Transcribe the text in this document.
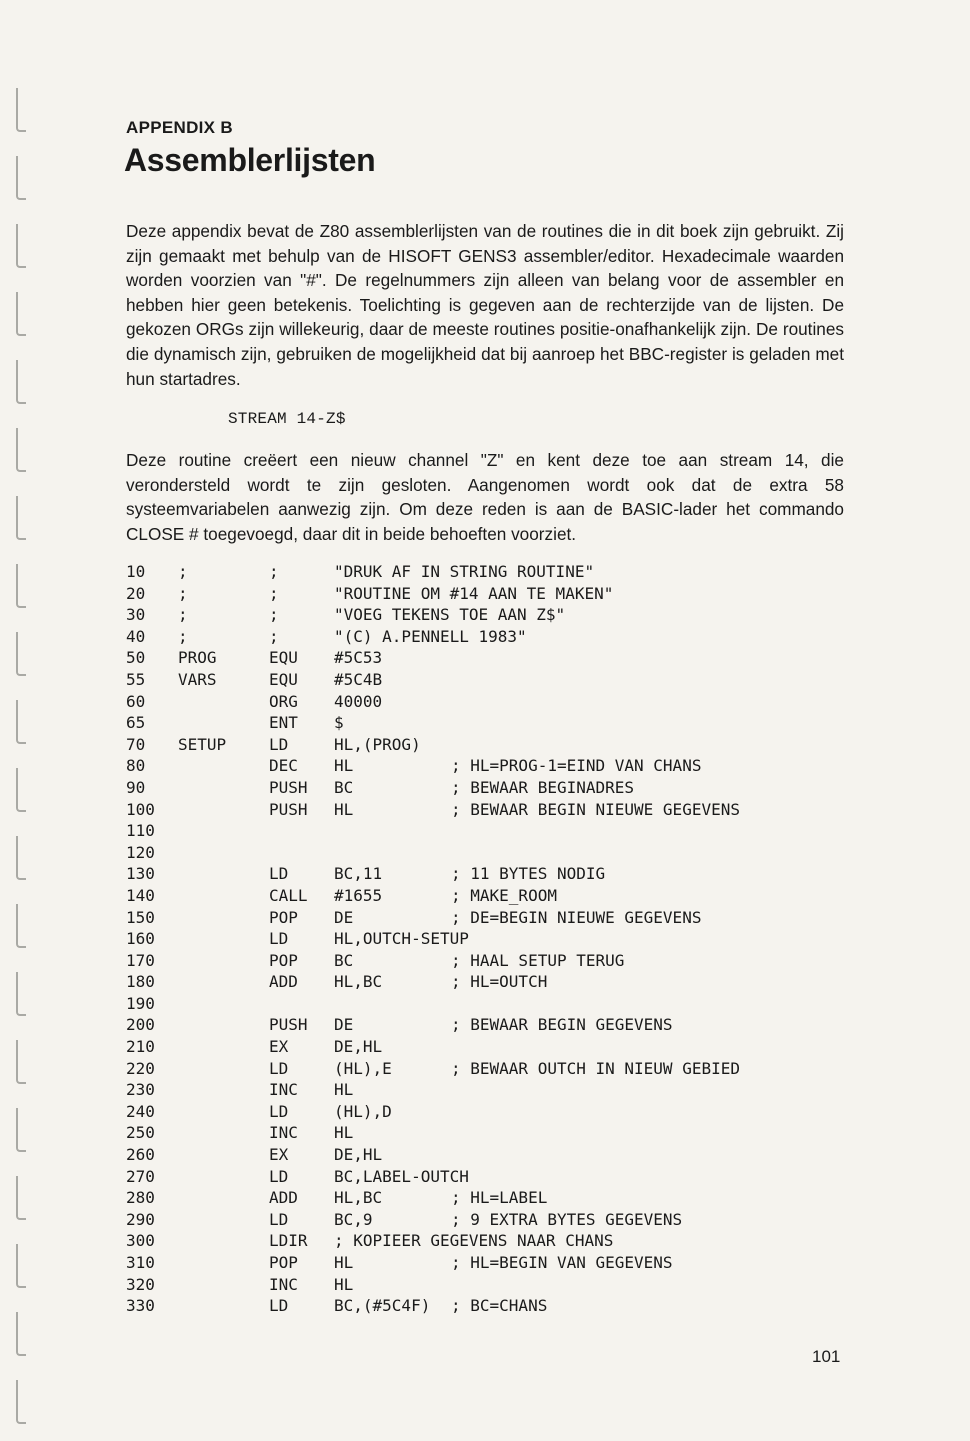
APPENDIX B
Assemblerlijsten

Deze appendix bevat de Z80 assemblerlijsten van de routines die in dit boek zijn gebruikt. Zij zijn gemaakt met behulp van de HISOFT GENS3 assembler/editor. Hexadecimale waarden worden voorzien van "#". De regelnummers zijn alleen van belang voor de assembler en hebben hier geen betekenis. Toelichting is gegeven aan de rechterzijde van de lijsten. De gekozen ORGs zijn willekeurig, daar de meeste routines positie-onafhankelijk zijn. De routines die dynamisch zijn, gebruiken de mogelijkheid dat bij aanroep het BBC-register is geladen met hun startadres.

STREAM 14-Z$

Deze routine creëert een nieuw channel "Z" en kent deze toe aan stream 14, die verondersteld wordt te zijn gesloten. Aangenomen wordt ook dat de extra 58 systeemvariabelen aanwezig zijn. Om deze reden is aan de BASIC-lader het commando CLOSE # toegevoegd, daar dit in beide behoeften voorziet.

10 ;	;	"DRUK AF IN STRING ROUTINE"
20 ;	;	"ROUTINE OM #14 AAN TE MAKEN"
30 ;	;	"VOEG TEKENS TOE AAN Z$"
40 ;	;	"(C) A.PENNELL 1983"
50 PROG	EQU #5C53
55 VARS	EQU #5C4B
60	ORG 40000
65	ENT $
70 SETUP	LD	HL,(PROG)
80	DEC HL	; HL=PROG-1=EIND VAN CHANS
90	PUSH BC	; BEWAAR BEGINADRES
100	PUSH HL	; BEWAAR BEGIN NIEUWE GEGEVENS
110
120
130	LD	BC,11	; 11 BYTES NODIG
140	CALL #1655	; MAKE_ROOM
150	POP DE	; DE=BEGIN NIEUWE GEGEVENS
160	LD	HL,OUTCH-SETUP
170	POP BC	; HAAL SETUP TERUG
180	ADD HL,BC	; HL=OUTCH
190
200	PUSH DE	; BEWAAR BEGIN GEGEVENS
210	EX	DE,HL
220	LD	(HL),E	; BEWAAR OUTCH IN NIEUW GEBIED
230	INC HL
240	LD	(HL),D
250	INC HL
260	EX	DE,HL
270	LD	BC,LABEL-OUTCH
280	ADD HL,BC	; HL=LABEL
290	LD	BC,9	; 9 EXTRA BYTES GEGEVENS
300	LDIR ; KOPIEER GEGEVENS NAAR CHANS
310	POP HL	; HL=BEGIN VAN GEGEVENS
320	INC HL
330	LD	BC,(#5C4F) ; BC=CHANS
101
